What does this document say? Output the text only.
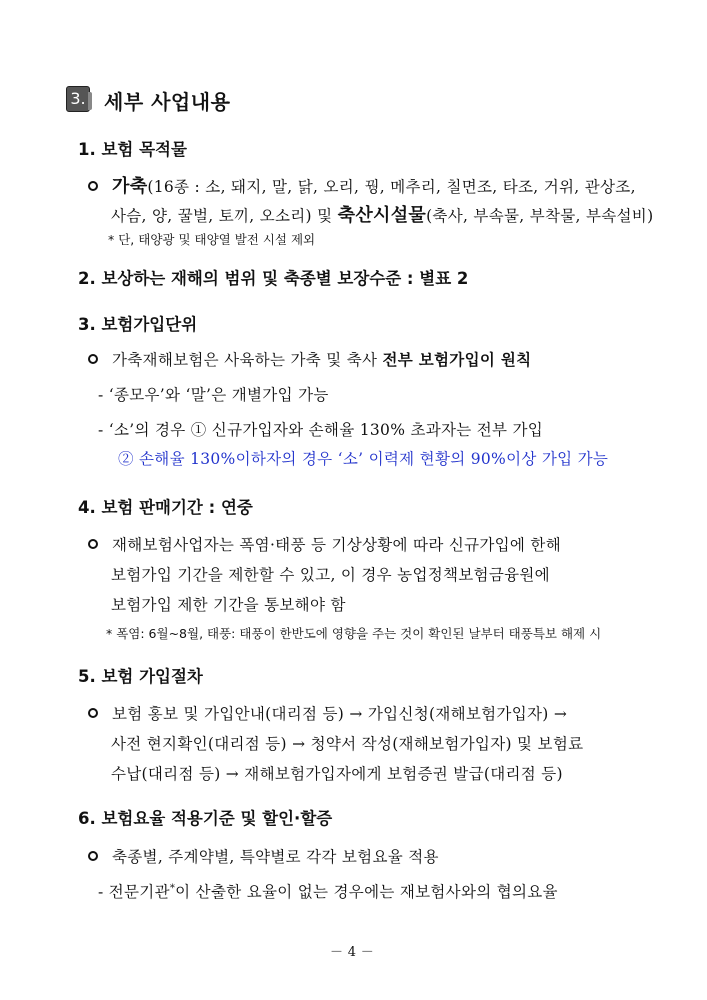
3. 세부 사업내용
1. 보험 목적물
가축(16종 : 소, 돼지, 말, 닭, 오리, 꿩, 메추리, 칠면조, 타조, 거위, 관상조,
사슴, 양, 꿀벌, 토끼, 오소리) 및 축산시설물(축사, 부속물, 부착물, 부속설비)
* 단, 태양광 및 태양열 발전 시설 제외
2. 보상하는 재해의 범위 및 축종별 보장수준 : 별표 2
3. 보험가입단위
가축재해보험은 사육하는 가축 및 축사 전부 보험가입이 원칙
- ‘종모우’와 ‘말’은 개별가입 가능
- ‘소’의 경우 ① 신규가입자와 손해율 130% 초과자는 전부 가입
② 손해율 130%이하자의 경우 ‘소’ 이력제 현황의 90%이상 가입 가능
4. 보험 판매기간 : 연중
재해보험사업자는 폭염·태풍 등 기상상황에 따라 신규가입에 한해
보험가입 기간을 제한할 수 있고, 이 경우 농업정책보험금융원에
보험가입 제한 기간을 통보해야 함
* 폭염: 6월~8월, 태풍: 태풍이 한반도에 영향을 주는 것이 확인된 날부터 태풍특보 해제 시
5. 보험 가입절차
보험 홍보 및 가입안내(대리점 등) → 가입신청(재해보험가입자) →
사전 현지확인(대리점 등) → 청약서 작성(재해보험가입자) 및 보험료
수납(대리점 등) → 재해보험가입자에게 보험증권 발급(대리점 등)
6. 보험요율 적용기준 및 할인·할증
축종별, 주계약별, 특약별로 각각 보험요율 적용
- 전문기관*이 산출한 요율이 없는 경우에는 재보험사와의 협의요율
－ 4 －
